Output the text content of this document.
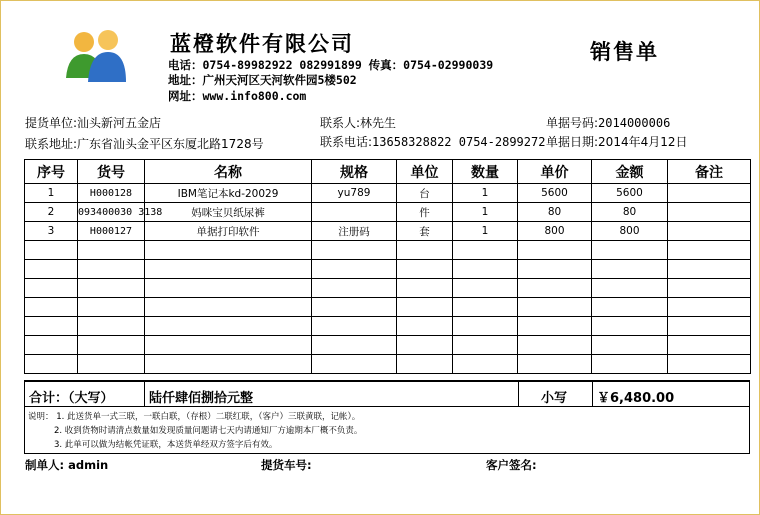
蓝橙软件有限公司
电话：0754-89982922 082991899 传真：0754-02990039
地址：广州天河区天河软件园5楼502
网址：www.info800.com
销售单
提货单位:汕头新河五金店	联系人:林先生	单据号码:2014000006
联系地址:广东省汕头金平区东厦北路1728号	联系电话:13658328822 0754-2899272 单据日期:2014年4月12日
序号	货号	名称	规格	单位	数量	单价	金额	备注
1	H000128	IBM笔记本kd-20029	yu789	台	1	5600	5600	
2	093400030 3138	妈咪宝贝纸尿裤		件	1	80	80	
3	H000127	单据打印软件	注册码	套	1	800	800	

合计：（大写）	陆仟肆佰捌拾元整	小写 ￥6,480.00
说明： 1. 此送货单一式三联，一联白联，（存根）二联红联，（客户）三联黄联，记帐）。
2. 收到货物时请清点数量如发现质量问题请七天内请通知厂方逾期本厂概不负责。
3. 此单可以做为结帐凭证联，本送货单经双方签字后有效。
制单人: admin	提货车号:	客户签名:
